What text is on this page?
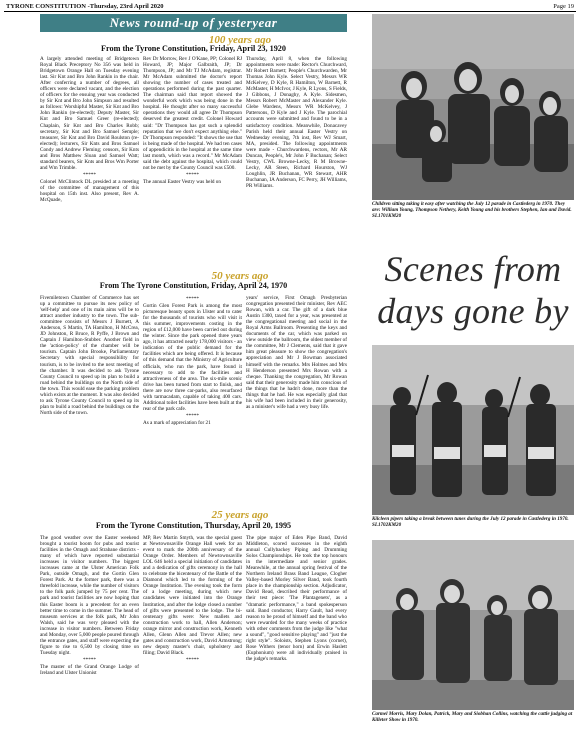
TYRONE CONSTITUTION -Thursday, 23rd April 2020	Page 19
News round-up of yesteryear
100 years ago
From the Tyrone Constitution, Friday, April 23, 1920

A largely attended meeting of Bridgetown Royal Black Preceptory No 356 was held in Bridgetown Orange Hall on Tuesday evening last. Sir Knt and Bro John Rankin in the chair. After conferring a number of degrees, all officers were declared vacant, and the election of officers for the ensuing year was conducted by Sir Knt and Bro John Simpson and resulted as follows: Worshipful Master, Sir Knt and Bro John Rankin (re-elected); Deputy Master, Sir Knt and Bro Samuel Greer (re-elected); Chaplain, Sir Knt and Bro Charles Robb; secretary, Sir Knt and Bro Samuel Semple; treasurer, Sir Knt and Bro David Roulston (re-elected); lecturers, Sir Knts and Bros Samuel Condy and Andrew Fleming; censors, Sir Knts and Bros Matthew Sloan and Samuel Watt; standard bearers, Sir Knts and Bros Wm Porter and Wm Trimble.

*****

Colonel McClintock DL presided at a meeting of the committee of management of this hospital on 15th inst. Also present, Rev A. McQuade,

Rev Dr Morrow, Rev J O'Kane, PP; Colonel RJ Howard, JP; Major Galbraith, JP; Dr Thompson, JP; and Mr TJ McAdam, registrar. Mr McAdam submitted the doctor's report showing the number of cases treated and operations performed during the past quarter. The chairman said that report showed the wonderful work which was being done in the hospital. He thought after so many successful operations they would all agree Dr Thompson deserved the greatest credit. Colonel Howard said: "Dr Thompson has got such a splendid reputation that we don't expect anything else." Dr Thompson responded: "It shows the use that is being made of the hospital. We had ten cases of appendicitis in the hospital at the same time last month, which was a record." Mr McAdam said the debt against the hospital, which could not be met by the County Council was £500.

*****

The annual Easter Vestry was held on

Thursday, April 8, when the following appointments were made: Rector's Churchward, Mr Robert Barnett; People's Churchwarden, Mr Thomas John Kyle. Select Vestry, Messrs WR McKelvey, D Kyle, R Hamilton, W Barnett, R McMaster, H McIvor, J Kyle, R Lyons, S Fields, J Gibbons, J Donaghy, A Kyle. Sidesmen, Messrs Robert McMaster and Alexander Kyle. Glebe Wardens, Messrs WR McKelvey, J Pattersons, D Kyle and J Kyle. The parochial accounts were submitted and found to be in a satisfactory condition. Meanwhile, Donacavey Parish held their annual Easter Vestry on Wednesday evening, 7th inst, Rev WJ Smart, MA, presided. The following appointments were made - Churchwardens, rectors, Mr AR Duncan, People's, Mr John F Buchanan; Select Vestry, CWL Browne-Lecky, R M Browne-Lecky, AR Steen, Richard Hourston, WJ Loughlin, JR Buchanan, WR Stewart, AHR Buchanan, IA Anderson, FC Perry, JH Williams, PR Williams.

50 years ago
From The Tyrone Constitution, Friday, April 24, 1970

Fivemiletown Chamber of Commerce has set up a committee to pursue its new policy of 'self-help' and one of its main aims will be to attract another industry to the town. The sub-committee consists of Messrs J Burnett, A Anderson, S Martin, TA Hamilton, H McCrea, JD Johnston, R Bruce, R Pyffe, J Brown and Captain J Hamilton-Stubber. Another field in the 'action-policy' of the chamber will be tourism. Captain John Brooke, Parliamentary Secretary with special responsibility for tourism, is to be invited to the next meeting of the chamber. It was decided to ask Tyrone County Council to speed up its plan to build a road behind the buildings on the North side of the town. This would ease the parking problem which exists at the moment. It was also decided to ask Tyrone County Council to speed up its plan to build a road behind the buildings on the North side of the town.

*****

Gortin Glen Forest Park is among the most picturesque beauty spots in Ulster and to cater for the thousands of tourists who will visit it this summer, improvements costing in the region of £12,000 have been carried out during the winter. Since the park opened three years ago, it has attracted nearly 178,000 visitors - an indication of the public demand for the facilities which are being offered. It is because of this demand that the Ministry of Agriculture officials, who run the park, have found it necessary to add to the facilities and attractiveness of the area. The six-mile scenic drive has been turned from start to finish, and there are now three car-parks, also resurfaced with tarmacadam, capable of taking 400 cars. Additional toilet facilities have been built at the rear of the park cafe.

*****

As a mark of appreciation for 21

years' service, First Omagh Presbyterian congregation presented their minister, Rev AEC Rowan, with a car. The gift of a dark blue Austin 1300, taxed for a year, was presented at the congregational meeting and social in the Royal Arms Ballroom. Presenting the keys and documents of the car, which was parked on view outside the ballroom, the oldest member of the committee, Mr J Clements, said that it gave him great pleasure to show the congregation's appreciation and Mr J Bowman associated himself with the remarks. Mrs Holmes and Mrs H Henderson presented Mrs Rowan with a cheque. Thanking the congregation, Mr Rowan said that their generosity made him conscious of the things that he hadn't done, more than the things that he had. He was especially glad that his wife had been included in their generosity, as a minister's wife had a very busy life.

25 years ago
From the Tyrone Constitution, Thursday, April 20, 1995

The good weather over the Easter weekend brought a tourist boom for pubs and tourist facilities in the Omagh and Strabane districts - many of which have reported substantial increases in visitor numbers. The biggest increases came at the Ulster American Folk Park, outside Omagh, and the Gortin Glen Forest Park. At the former park, there was a threefold increase, while the number of visitors to the folk park jumped by 75 per cent. The park and tourist facilities are now hoping that this Easter boom is a precedent for an even better time to come in the summer. The head of museum services at the folk park, Mr John Walsh, said he was very pleased with the increase in visitor numbers. Between Friday and Monday, over 5,000 people poured through the entrance gates, and staff were expecting the figure to rise to 6,500 by closing time on Tuesday night.

*****

The master of the Grand Orange Lodge of Ireland and Ulster Unionist

MP, Rev Martin Smyth, was the special guest at Newtownsaville Orange Hall week for an event to mark the 200th anniversary of the Orange Order. Members of Newtownsaville LOL 646 held a special initiation of candidates and a dedication of gifts ceremony in the hall to celebrate the bicentenary of the Battle of the Diamond which led to the forming of the Orange Institution. The evening took the form of a lodge meeting, during which new candidates were initiated into the Orange Institution, and after the lodge closed a number of gifts were presented to the lodge. The bi-centenary gifts were: New mallets and construction work to hall, Allen Anderson; orange mirror and construction work, Kenneth Allen, Glenn Allen and Trevor Allen; new gates and construction work, David Armstrong; new deputy master's chair, upholstery and filing; David Black.

*****

The pipe major of Eden Pipe Band, David Middleton, scored successes in the eighth annual Cullybackey Piping and Drumming Solos Championships. He took the top honours in the intermediate and senior grades. Meanwhile, at the annual spring festival of the Northern Ireland Brass Band League, Clogher Valley-based Morley Silver Band, took fourth place in the championship section. Adjudicator, David Read, described their performance of their test piece: 'The Plantagenets', as a "dramatic performance," a band spokesperson said. Band conductor, Harry Gault, had every reason to be proud of himself and the band who were rewarded for the many weeks of practice with other comments from the judge like "what a sound", "good sensitive playing" and "just the right style". Soloists, Stephen Lyons (cornet), Rose Withers (tenor horn) and Erwin Haslett (Euphonium) were all individually praised in the judge's remarks.

Children sitting taking it easy after watching the July 12 parade in Castlederg in 1970. They are: William Young, Thompson Nethery, Keith Young and his brothers Stephen, Ian and David. SL1701KM20
Scenes from days gone by
Kilcleen pipers taking a break between tunes during the July 12 parade in Castlederg in 1970. SL1702KM20
Carmel Morris, Mary Dolan, Patrick, Mary and Siobhan Collins, watching the cattle judging at Killeter Show in 1970.
